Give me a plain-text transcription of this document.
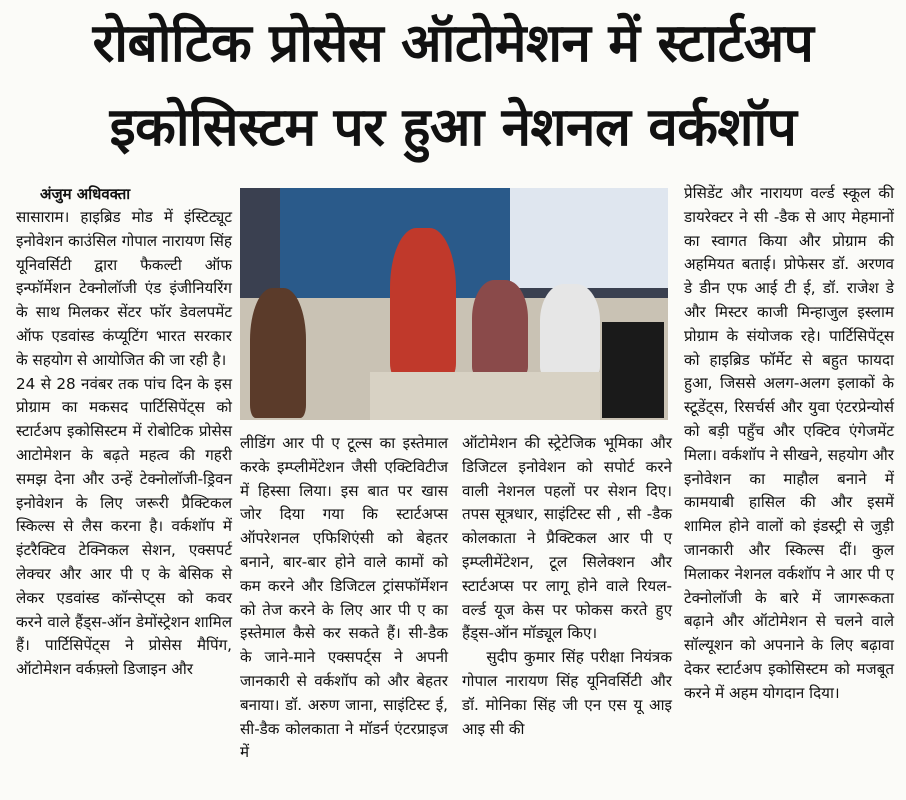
रोबोटिक प्रोसेस ऑटोमेशन में स्टार्टअप
इकोसिस्टम पर हुआ नेशनल वर्कशॉप
अंजुम अधिवक्ता

सासाराम। हाइब्रिड मोड में इंस्टिट्यूट इनोवेशन काउंसिल गोपाल नारायण सिंह यूनिवर्सिटी द्वारा फैकल्टी ऑफ इन्फॉर्मेशन टेक्नोलॉजी एंड इंजीनियरिंग के साथ मिलकर सेंटर फॉर डेवलपमेंट ऑफ एडवांस्ड कंप्यूटिंग भारत सरकार के सहयोग से आयोजित की जा रही है।

24 से 28 नवंबर तक पांच दिन के इस प्रोग्राम का मकसद पार्टिसिपेंट्स को स्टार्टअप इकोसिस्टम में रोबोटिक प्रोसेस आटोमेशन के बढ़ते महत्व की गहरी समझ देना और उन्हें टेक्नोलॉजी-ड्रिवन इनोवेशन के लिए जरूरी प्रैक्टिकल स्किल्स से लैस करना है। वर्कशॉप में इंटरैक्टिव टेक्निकल सेशन, एक्सपर्ट लेक्चर और आर पी ए के बेसिक से लेकर एडवांस्ड कॉन्सेप्ट्स को कवर करने वाले हैंड्स-ऑन डेमोंस्ट्रेशन शामिल हैं। पार्टिसिपेंट्स ने प्रोसेस मैपिंग, ऑटोमेशन वर्कफ़्लो डिजाइन और

लीडिंग आर पी ए टूल्स का इस्तेमाल करके इम्प्लीमेंटेशन जैसी एक्टिविटीज में हिस्सा लिया। इस बात पर खास जोर दिया गया कि स्टार्टअप्स ऑपरेशनल एफिशिएंसी को बेहतर बनाने, बार-बार होने वाले कामों को कम करने और डिजिटल ट्रांसफॉर्मेशन को तेज करने के लिए आर पी ए का इस्तेमाल कैसे कर सकते हैं। सी-डैक के जाने-माने एक्सपर्ट्स ने अपनी जानकारी से वर्कशॉप को और बेहतर बनाया। डॉ. अरुण जाना, साइंटिस्ट ई, सी-डैक कोलकाता ने मॉडर्न एंटरप्राइज में

ऑटोमेशन की स्ट्रेटेजिक भूमिका और डिजिटल इनोवेशन को सपोर्ट करने वाली नेशनल पहलों पर सेशन दिए। तपस सूत्रधार, साइंटिस्ट सी , सी -डैक कोलकाता ने प्रैक्टिकल आर पी ए इम्प्लीमेंटेशन, टूल सिलेक्शन और स्टार्टअप्स पर लागू होने वाले रियल-वर्ल्ड यूज केस पर फोकस करते हुए हैंड्स-ऑन मॉड्यूल किए।

सुदीप कुमार सिंह परीक्षा नियंत्रक गोपाल नारायण सिंह यूनिवर्सिटी और डॉ. मोनिका सिंह जी एन एस यू आइ आइ सी की

प्रेसिडेंट और नारायण वर्ल्ड स्कूल की डायरेक्टर ने सी -डैक से आए मेहमानों का स्वागत किया और प्रोग्राम की अहमियत बताई। प्रोफेसर डॉ. अरणव डे डीन एफ आई टी ई, डॉ. राजेश डे और मिस्टर काजी मिन्हाजुल इस्लाम प्रोग्राम के संयोजक रहे। पार्टिसिपेंट्स को हाइब्रिड फॉर्मेट से बहुत फायदा हुआ, जिससे अलग-अलग इलाकों के स्टूडेंट्स, रिसर्चर्स और युवा एंटरप्रेन्योर्स को बड़ी पहुँच और एक्टिव एंगेजमेंट मिला। वर्कशॉप ने सीखने, सहयोग और इनोवेशन का माहौल बनाने में कामयाबी हासिल की और इसमें शामिल होने वालों को इंडस्ट्री से जुड़ी जानकारी और स्किल्स दीं। कुल मिलाकर नेशनल वर्कशॉप ने आर पी ए टेक्नोलॉजी के बारे में जागरूकता बढ़ाने और ऑटोमेशन से चलने वाले सॉल्यूशन को अपनाने के लिए बढ़ावा देकर स्टार्टअप इकोसिस्टम को मजबूत करने में अहम योगदान दिया।
